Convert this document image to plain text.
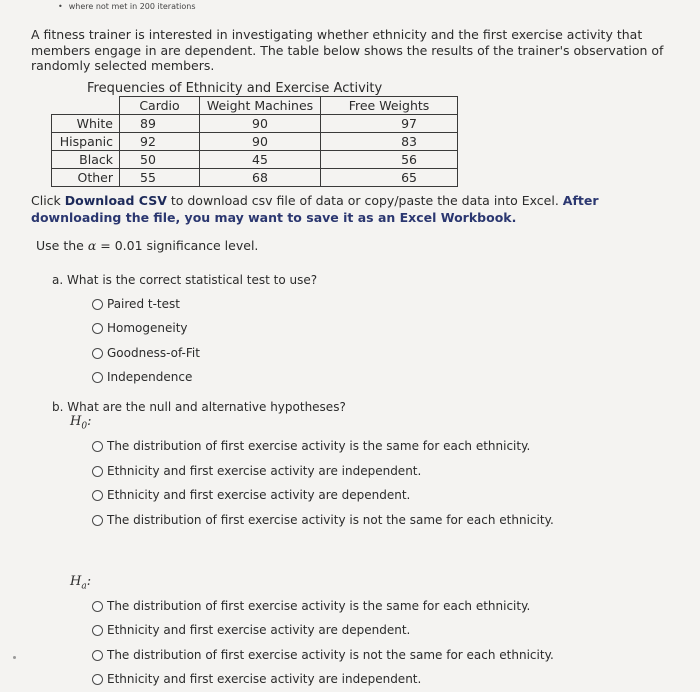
• where not met in 200 iterations
A fitness trainer is interested in investigating whether ethnicity and the first exercise activity that members engage in are dependent. The table below shows the results of the trainer's observation of randomly selected members.
Frequencies of Ethnicity and Exercise Activity
	Cardio	Weight Machines	Free Weights
White	89	90	97
Hispanic	92	90	83
Black	50	45	56
Other	55	68	65
Click Download CSV to download csv file of data or copy/paste the data into Excel. After downloading the file, you may want to save it as an Excel Workbook.
Use the α = 0.01 significance level.
a. What is the correct statistical test to use?
Paired t-test
Homogeneity
Goodness-of-Fit
Independence
b. What are the null and alternative hypotheses?
$H_0$:
The distribution of first exercise activity is the same for each ethnicity.
Ethnicity and first exercise activity are independent.
Ethnicity and first exercise activity are dependent.
The distribution of first exercise activity is not the same for each ethnicity.
$H_a$:
The distribution of first exercise activity is the same for each ethnicity.
Ethnicity and first exercise activity are dependent.
The distribution of first exercise activity is not the same for each ethnicity.
Ethnicity and first exercise activity are independent.
